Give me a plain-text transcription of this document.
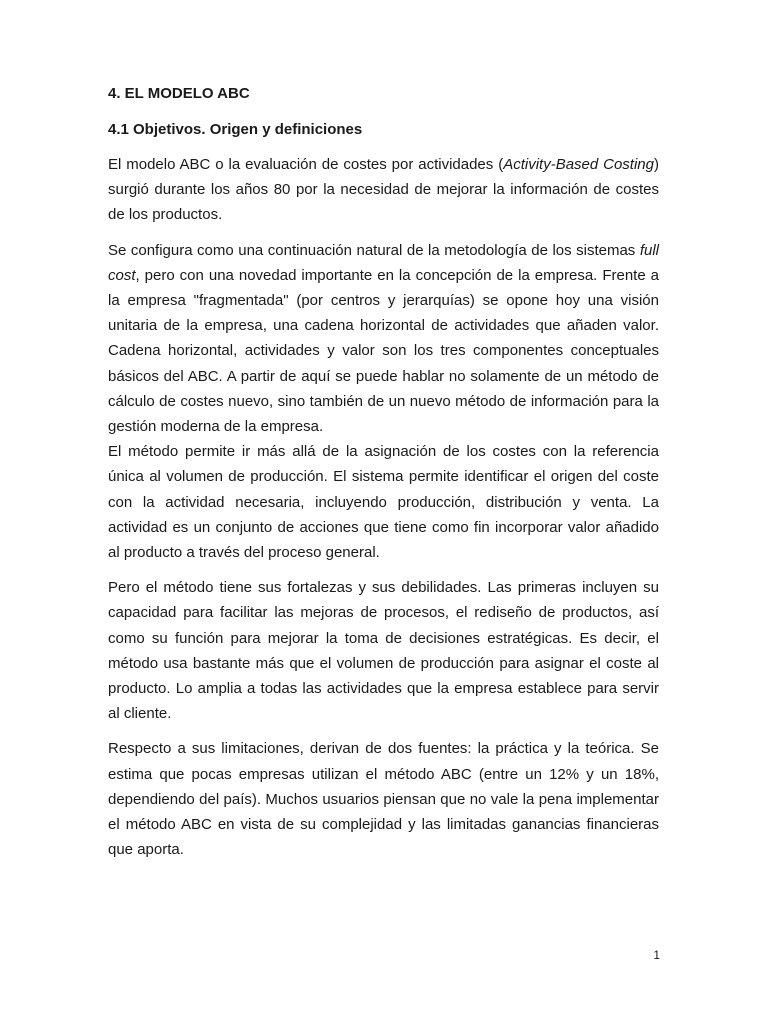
4. EL MODELO ABC
4.1 Objetivos. Origen y definiciones

El modelo ABC o la evaluación de costes por actividades (Activity-Based Costing) surgió durante los años 80 por la necesidad de mejorar la información de costes de los productos.

Se configura como una continuación natural de la metodología de los sistemas full cost, pero con una novedad importante en la concepción de la empresa. Frente a la empresa "fragmentada" (por centros y jerarquías) se opone hoy una visión unitaria de la empresa, una cadena horizontal de actividades que añaden valor. Cadena horizontal, actividades y valor son los tres componentes conceptuales básicos del ABC. A partir de aquí se puede hablar no solamente de un método de cálculo de costes nuevo, sino también de un nuevo método de información para la gestión moderna de la empresa.

El método permite ir más allá de la asignación de los costes con la referencia única al volumen de producción. El sistema permite identificar el origen del coste con la actividad necesaria, incluyendo producción, distribución y venta. La actividad es un conjunto de acciones que tiene como fin incorporar valor añadido al producto a través del proceso general.

Pero el método tiene sus fortalezas y sus debilidades. Las primeras incluyen su capacidad para facilitar las mejoras de procesos, el rediseño de productos, así como su función para mejorar la toma de decisiones estratégicas. Es decir, el método usa bastante más que el volumen de producción para asignar el coste al producto. Lo amplia a todas las actividades que la empresa establece para servir al cliente.

Respecto a sus limitaciones, derivan de dos fuentes: la práctica y la teórica. Se estima que pocas empresas utilizan el método ABC (entre un 12% y un 18%, dependiendo del país). Muchos usuarios piensan que no vale la pena implementar el método ABC en vista de su complejidad y las limitadas ganancias financieras que aporta.

1
